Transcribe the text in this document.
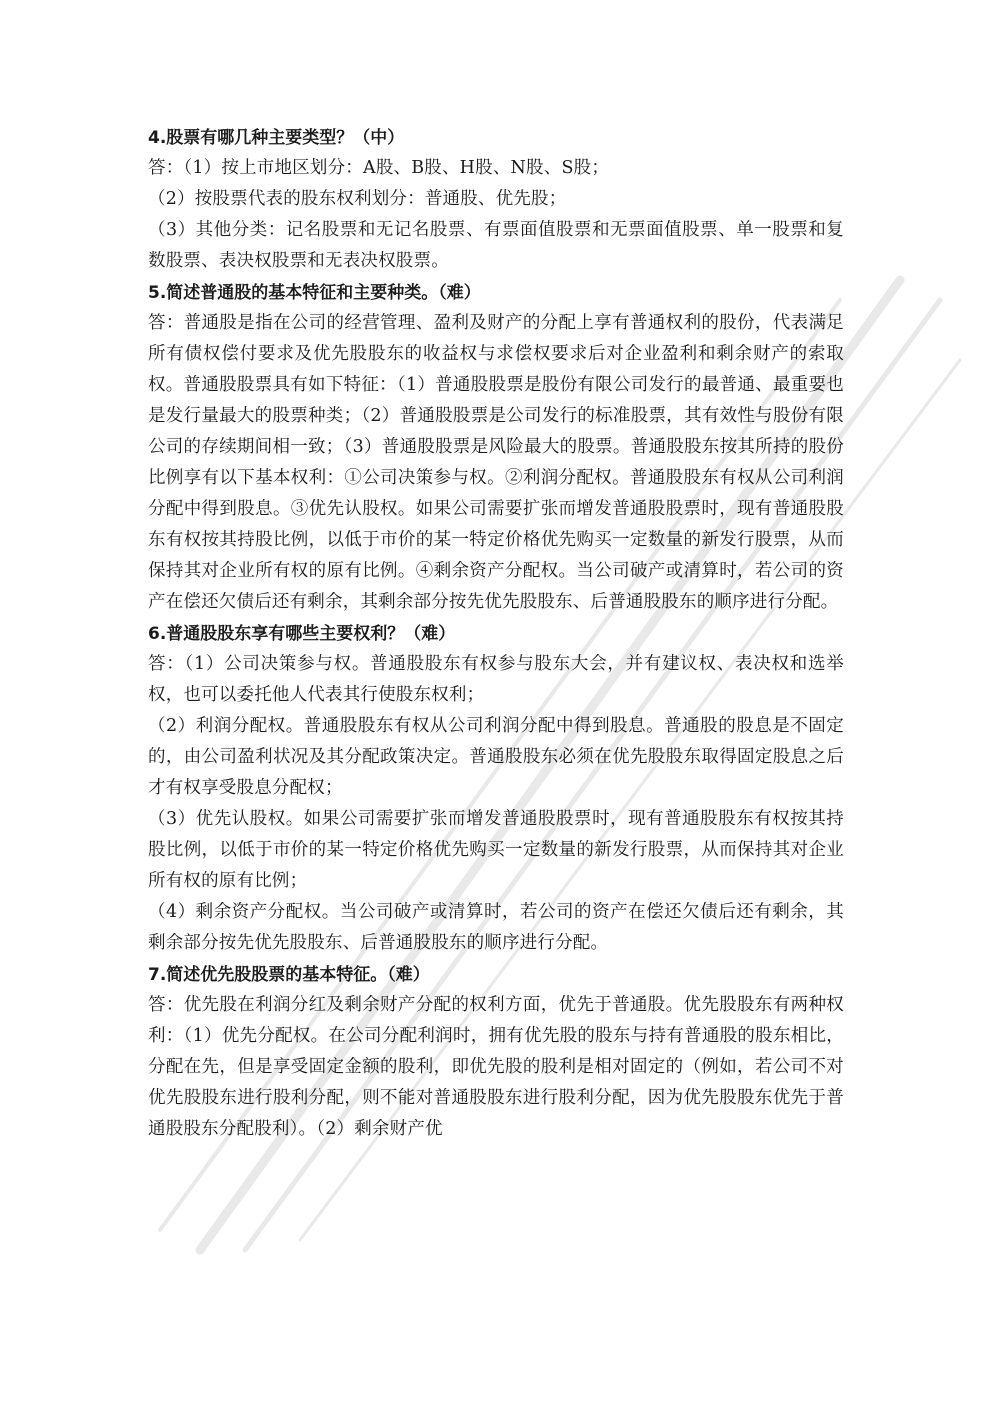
4.股票有哪几种主要类型？（中）

答：（1）按上市地区划分：A股、B股、H股、N股、S股；

（2）按股票代表的股东权利划分：普通股、优先股；

（3）其他分类：记名股票和无记名股票、有票面值股票和无票面值股票、单一股票和复数股票、表决权股票和无表决权股票。

5.简述普通股的基本特征和主要种类。（难）

答：普通股是指在公司的经营管理、盈利及财产的分配上享有普通权利的股份，代表满足所有债权偿付要求及优先股股东的收益权与求偿权要求后对企业盈利和剩余财产的索取权。普通股股票具有如下特征：（1）普通股股票是股份有限公司发行的最普通、最重要也是发行量最大的股票种类；（2）普通股股票是公司发行的标准股票，其有效性与股份有限公司的存续期间相一致；（3）普通股股票是风险最大的股票。普通股股东按其所持的股份比例享有以下基本权利：①公司决策参与权。②利润分配权。普通股股东有权从公司利润分配中得到股息。③优先认股权。如果公司需要扩张而增发普通股股票时，现有普通股股东有权按其持股比例，以低于市价的某一特定价格优先购买一定数量的新发行股票，从而保持其对企业所有权的原有比例。④剩余资产分配权。当公司破产或清算时，若公司的资产在偿还欠债后还有剩余，其剩余部分按先优先股股东、后普通股股东的顺序进行分配。

6.普通股股东享有哪些主要权利？（难）

答：（1）公司决策参与权。普通股股东有权参与股东大会，并有建议权、表决权和选举权，也可以委托他人代表其行使股东权利；

（2）利润分配权。普通股股东有权从公司利润分配中得到股息。普通股的股息是不固定的，由公司盈利状况及其分配政策决定。普通股股东必须在优先股股东取得固定股息之后才有权享受股息分配权；

（3）优先认股权。如果公司需要扩张而增发普通股股票时，现有普通股股东有权按其持股比例，以低于市价的某一特定价格优先购买一定数量的新发行股票，从而保持其对企业所有权的原有比例；

（4）剩余资产分配权。当公司破产或清算时，若公司的资产在偿还欠债后还有剩余，其剩余部分按先优先股股东、后普通股股东的顺序进行分配。

7.简述优先股股票的基本特征。（难）

答：优先股在利润分红及剩余财产分配的权利方面，优先于普通股。优先股股东有两种权利：（1）优先分配权。在公司分配利润时，拥有优先股的股东与持有普通股的股东相比，分配在先，但是享受固定金额的股利，即优先股的股利是相对固定的（例如，若公司不对优先股股东进行股利分配，则不能对普通股股东进行股利分配，因为优先股股东优先于普通股股东分配股利）。（2）剩余财产优
